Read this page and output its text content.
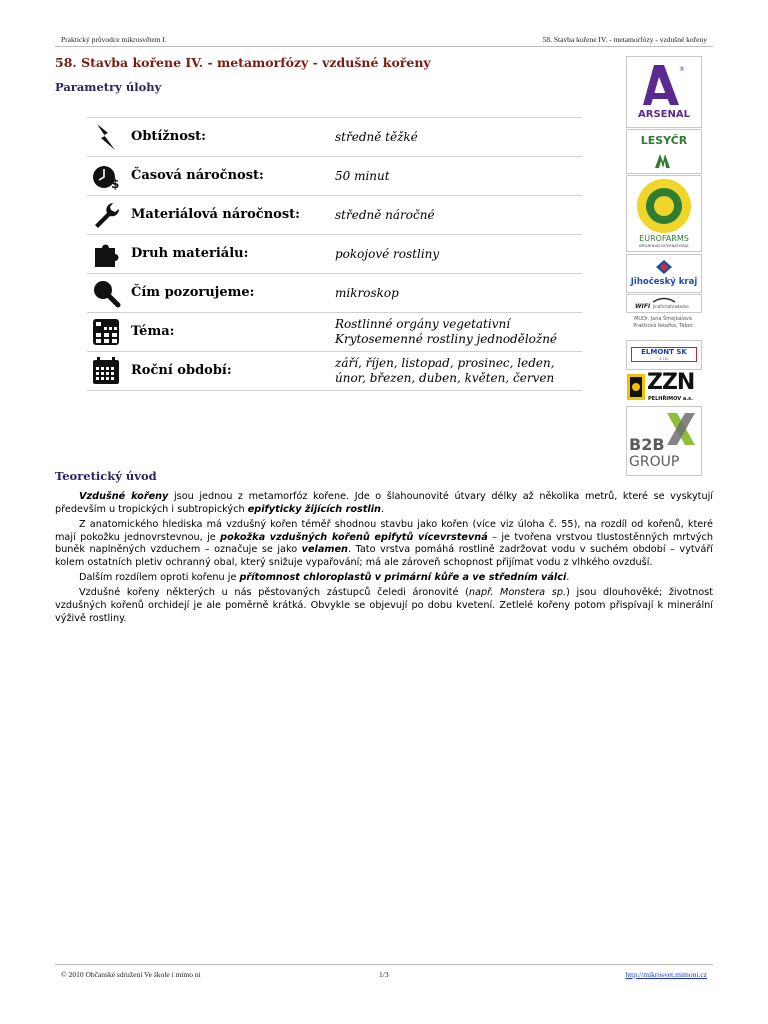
Praktický průvodce mikrosvětem I.	58. Stavba kořene IV. - metamorfózy - vzdušné kořeny
58. Stavba kořene IV. - metamorfózy - vzdušné kořeny
Parametry úlohy
Obtížnost:	středně těžké
$
Časová náročnost:	50 minut
Materiálová náročnost:	středně náročné
Druh materiálu:	pokojové rostliny
Čím pozorujeme:	mikroskop
Téma:	Rostlinné orgány vegetativní
Krytosemenné rostliny jednoděložné
Roční období:	září, říjen, listopad, prosinec, leden,
únor, březen, duben, květen, červen
®
ARSENAL
LESYČR
EUROFARMS
SPEARHEAD INTERNATIONAL
Jihočeský kraj
WIFI Jindřichohradecko
MUDr. Jana Šmejkalová
Praktická lékařka, Tábor
ELMONT SK
s.r.o.
ZZN
PELHŘIMOV a.s.
B2B
GROUP
Teoretický úvod

Vzdušné kořeny jsou jednou z metamorfóz kořene. Jde o šlahounovité útvary délky až několika metrů, které se vyskytují především u tropických i subtropických epifyticky žijících rostlin.

Z anatomického hlediska má vzdušný kořen téměř shodnou stavbu jako kořen (více viz úloha č. 55), na rozdíl od kořenů, které mají pokožku jednovrstevnou, je pokožka vzdušných kořenů epifytů vícevrstevná – je tvořena vrstvou tlustostěnných mrtvých buněk naplněných vzduchem – označuje se jako velamen. Tato vrstva pomáhá rostlině zadržovat vodu v suchém období – vytváří kolem ostatních pletiv ochranný obal, který snižuje vypařování; má ale zároveň schopnost přijímat vodu z vlhkého ovzduší.

Dalším rozdílem oproti kořenu je přítomnost chloroplastů v primární kůře a ve středním válci.

Vzdušné kořeny některých u nás pěstovaných zástupců čeledi áronovité (např. Monstera sp.) jsou dlouhověké; životnost vzdušných kořenů orchidejí je ale poměrně krátká. Obvykle se objevují po dobu kvetení. Zetlelé kořeny potom přispívají k minerální výživě rostliny.

© 2010 Občanské sdružení Ve škole i mimo ni	1/3	http://mikrosvet.mimoni.cz
